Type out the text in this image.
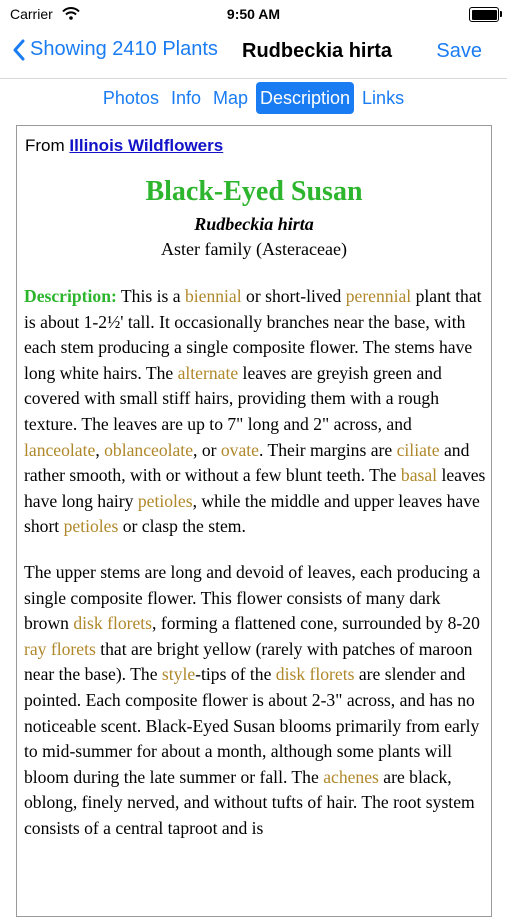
Carrier	9:50 AM
Showing 2410 Plants Rudbeckia hirta Save
Photos Info Map Description Links
From Illinois Wildflowers
Black-Eyed Susan
Rudbeckia hirta
Aster family (Asteraceae)

Description: This is a biennial or short-lived perennial plant that is about 1-2½' tall. It occasionally branches near the base, with each stem producing a single composite flower. The stems have long white hairs. The alternate leaves are greyish green and covered with small stiff hairs, providing them with a rough texture. The leaves are up to 7" long and 2" across, and lanceolate, oblanceolate, or ovate. Their margins are ciliate and rather smooth, with or without a few blunt teeth. The basal leaves have long hairy petioles, while the middle and upper leaves have short petioles or clasp the stem.

The upper stems are long and devoid of leaves, each producing a single composite flower. This flower consists of many dark brown disk florets, forming a flattened cone, surrounded by 8-20 ray florets that are bright yellow (rarely with patches of maroon near the base). The style-tips of the disk florets are slender and pointed. Each composite flower is about 2-3" across, and has no noticeable scent. Black-Eyed Susan blooms primarily from early to mid-summer for about a month, although some plants will bloom during the late summer or fall. The achenes are black, oblong, finely nerved, and without tufts of hair. The root system consists of a central taproot and is
